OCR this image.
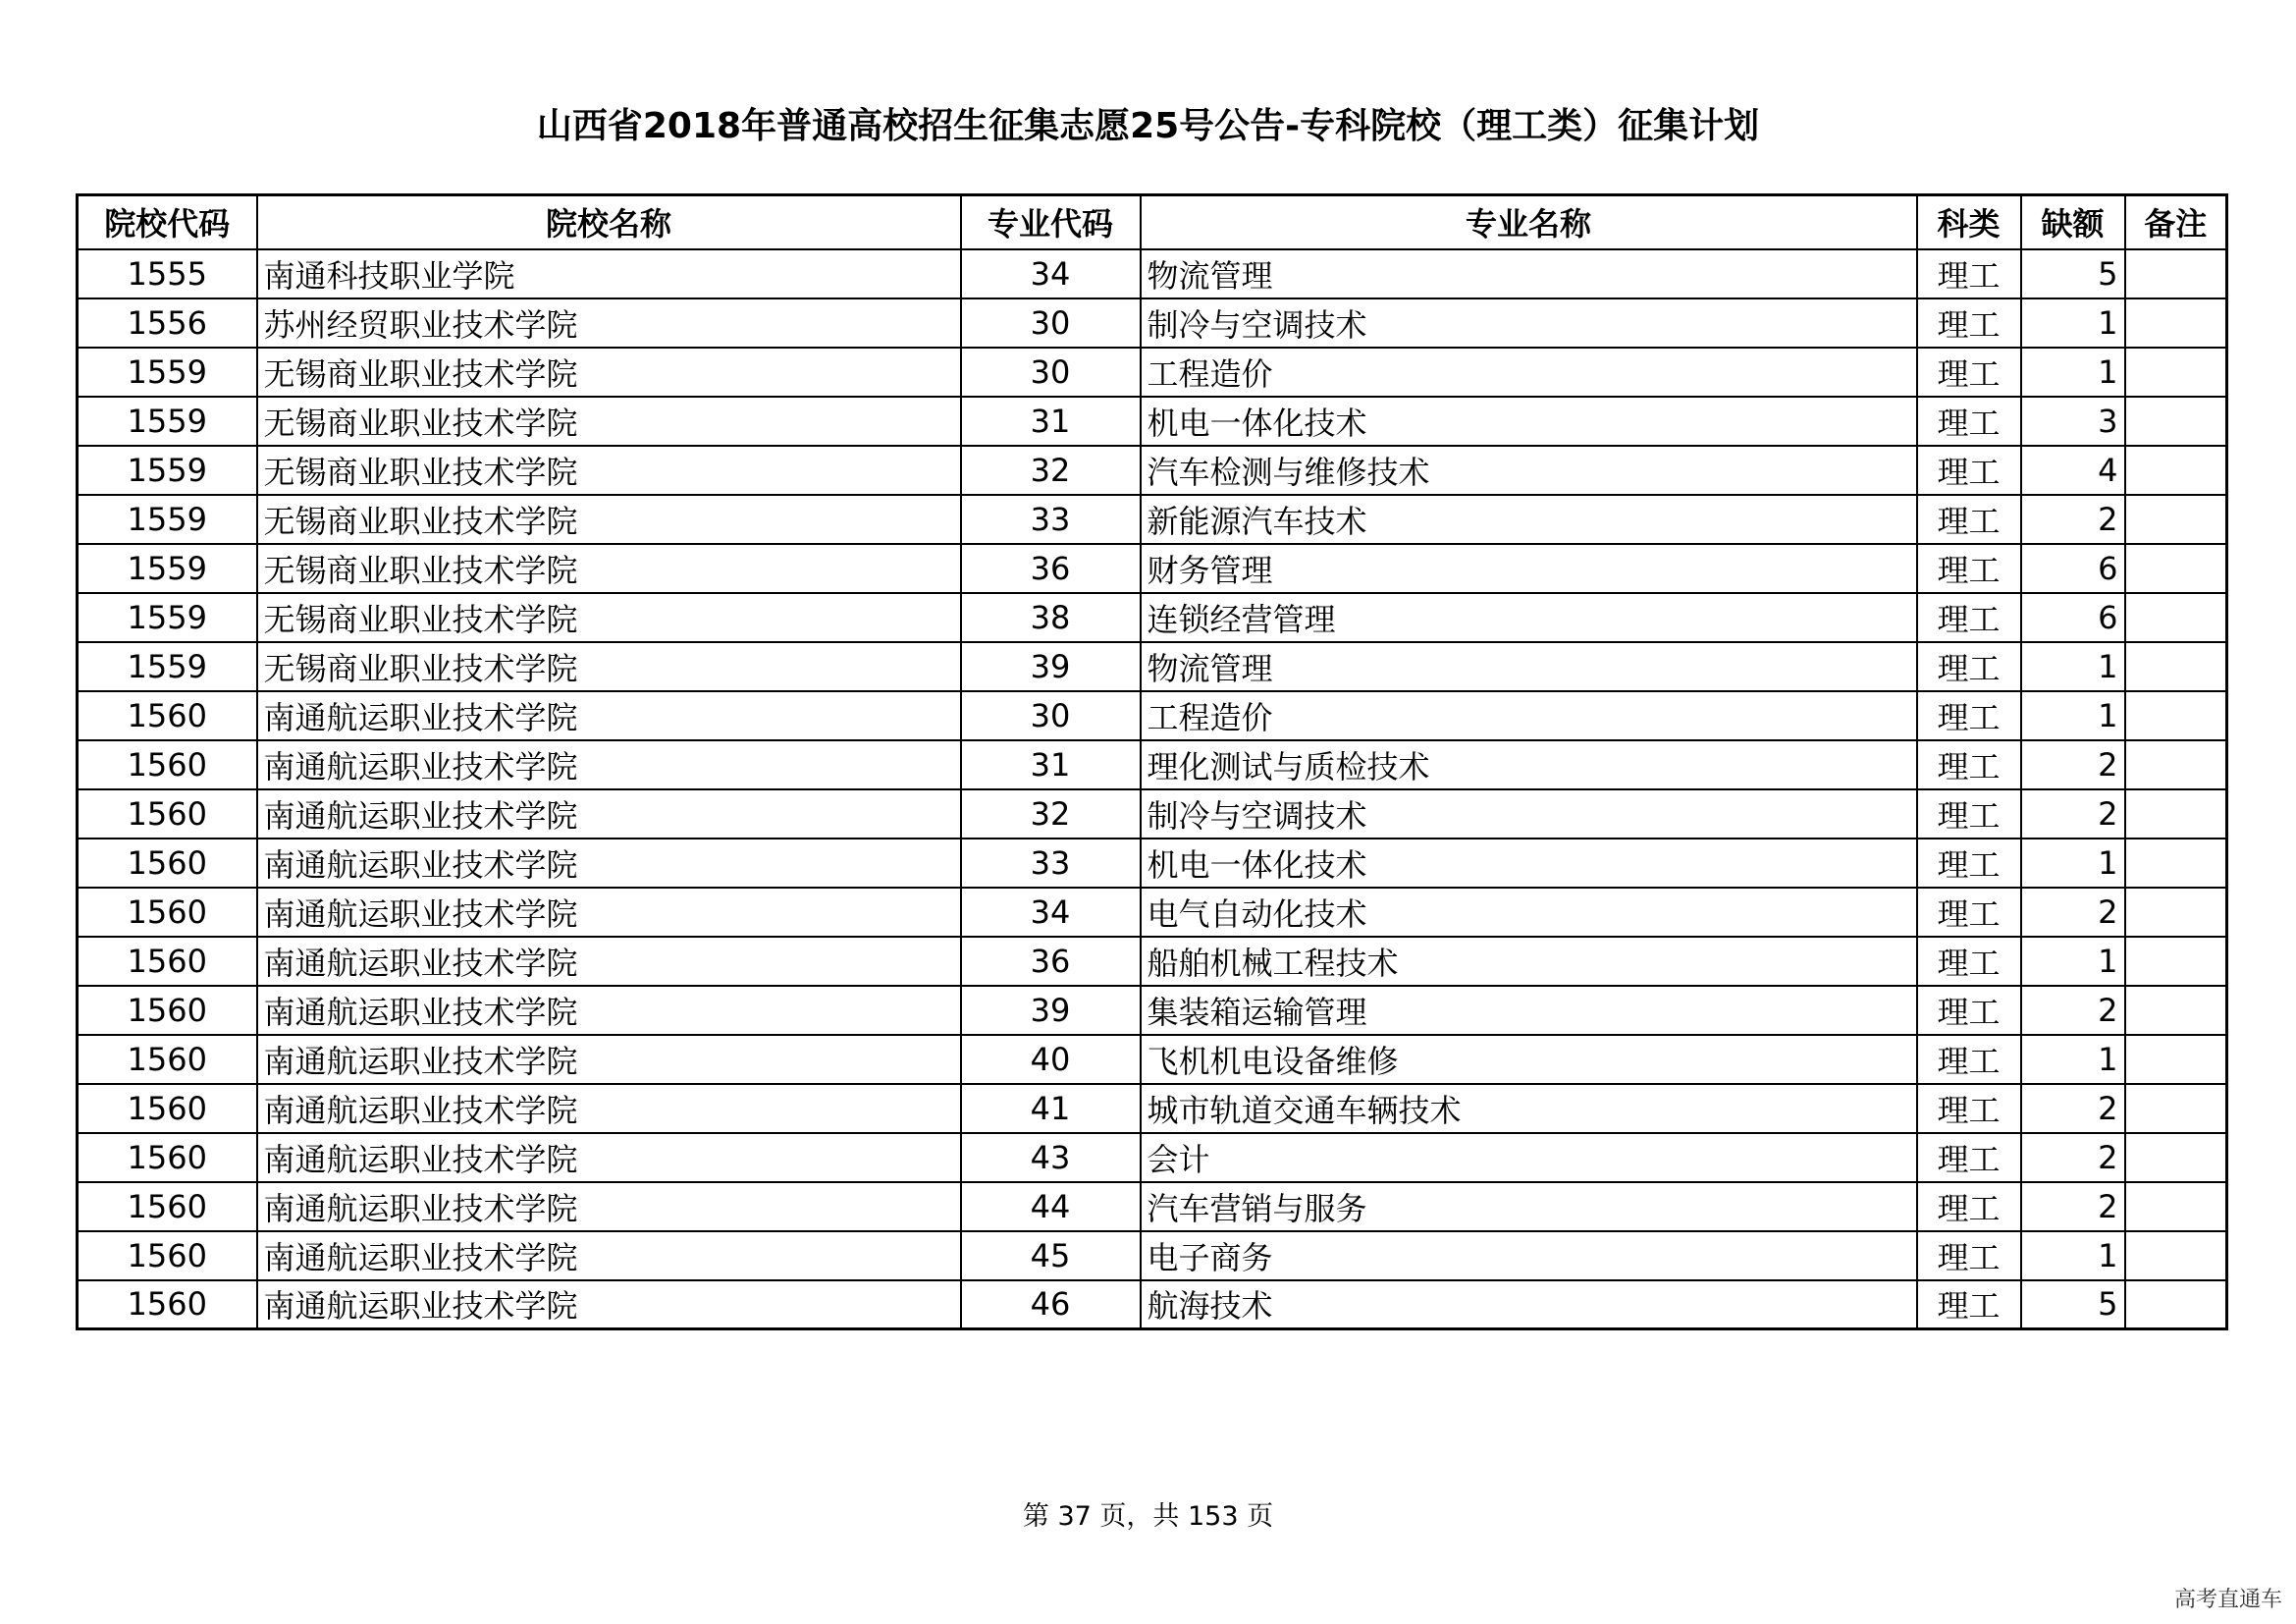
山西省2018年普通高校招生征集志愿25号公告-专科院校（理工类）征集计划
院校代码	院校名称	专业代码	专业名称	科类	缺额	备注
1555	南通科技职业学院	34	物流管理	理工	5	
1556	苏州经贸职业技术学院	30	制冷与空调技术	理工	1	
1559	无锡商业职业技术学院	30	工程造价	理工	1	
1559	无锡商业职业技术学院	31	机电一体化技术	理工	3	
1559	无锡商业职业技术学院	32	汽车检测与维修技术	理工	4	
1559	无锡商业职业技术学院	33	新能源汽车技术	理工	2	
1559	无锡商业职业技术学院	36	财务管理	理工	6	
1559	无锡商业职业技术学院	38	连锁经营管理	理工	6	
1559	无锡商业职业技术学院	39	物流管理	理工	1	
1560	南通航运职业技术学院	30	工程造价	理工	1	
1560	南通航运职业技术学院	31	理化测试与质检技术	理工	2	
1560	南通航运职业技术学院	32	制冷与空调技术	理工	2	
1560	南通航运职业技术学院	33	机电一体化技术	理工	1	
1560	南通航运职业技术学院	34	电气自动化技术	理工	2	
1560	南通航运职业技术学院	36	船舶机械工程技术	理工	1	
1560	南通航运职业技术学院	39	集装箱运输管理	理工	2	
1560	南通航运职业技术学院	40	飞机机电设备维修	理工	1	
1560	南通航运职业技术学院	41	城市轨道交通车辆技术	理工	2	
1560	南通航运职业技术学院	43	会计	理工	2	
1560	南通航运职业技术学院	44	汽车营销与服务	理工	2	
1560	南通航运职业技术学院	45	电子商务	理工	1	
1560	南通航运职业技术学院	46	航海技术	理工	5	
第 37 页，共 153 页
高考直通车
